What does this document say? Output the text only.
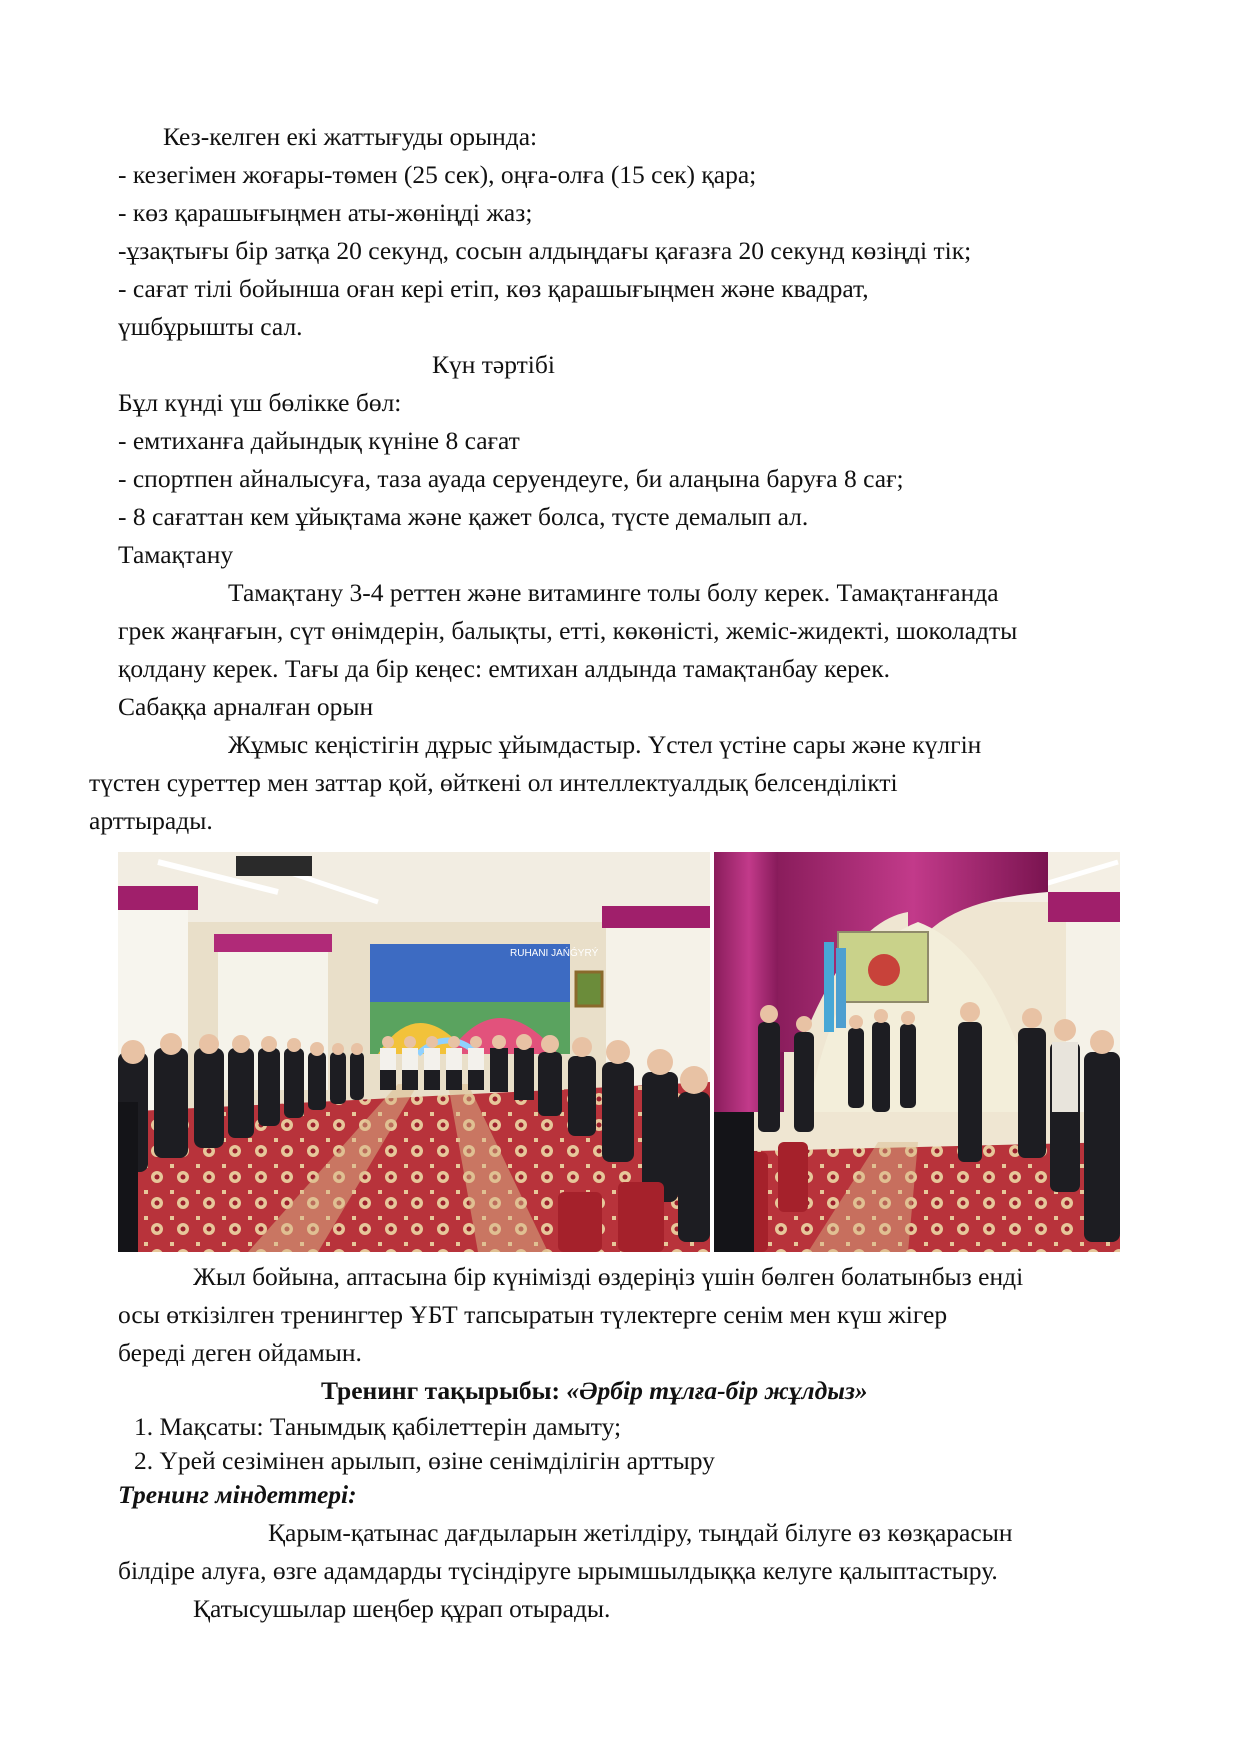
Кез-келген екі жаттығуды орында:
- кезегімен жоғары-төмен (25 сек), оңға-олға (15 сек) қара;
- көз қарашығыңмен аты-жөніңді жаз;
-ұзақтығы бір затқа 20 секунд, сосын алдыңдағы қағазға 20 секунд көзіңді тік;
- сағат тілі бойынша оған кері етіп, көз қарашығыңмен және квадрат,
үшбұрышты сал.
Күн тәртібі
Бұл күнді үш бөлікке бөл:
- емтиханға дайындық күніне 8 сағат
- спортпен айналысуға, таза ауада серуендеуге, би алаңына баруға 8 сағ;
- 8 сағаттан кем ұйықтама және қажет болса, түсте демалып ал.
Тамақтану
Тамақтану 3-4 реттен және витаминге толы болу керек. Тамақтанғанда
грек жаңғағын, сүт өнімдерін, балықты, етті, көкөністі, жеміс-жидекті, шоколадты
қолдану керек. Тағы да бір кеңес: емтихан алдында тамақтанбау керек.
Сабаққа арналған орын
Жұмыс кеңістігін дұрыс ұйымдастыр. Үстел үстіне сары және күлгін
түстен суреттер мен заттар қой, өйткені ол интеллектуалдық белсенділікті
арттырады.
RUHANI JAŃǴYRÝ
Жыл бойына, аптасына бір күнімізді өздеріңіз үшін бөлген болатынбыз енді
осы өткізілген тренингтер ҰБТ тапсыратын түлектерге сенім мен күш жігер
береді деген ойдамын.
Тренинг тақырыбы: «Әрбір тұлға-бір жұлдыз»
1. Мақсаты: Танымдық қабілеттерін дамыту;
2. Үрей сезімінен арылып, өзіне сенімділігін арттыру
Тренинг міндеттері:
Қарым-қатынас дағдыларын жетілдіру, тыңдай білуге өз көзқарасын
білдіре алуға, өзге адамдарды түсіндіруге ырымшылдыққа келуге қалыптастыру.
Қатысушылар шеңбер құрап отырады.
